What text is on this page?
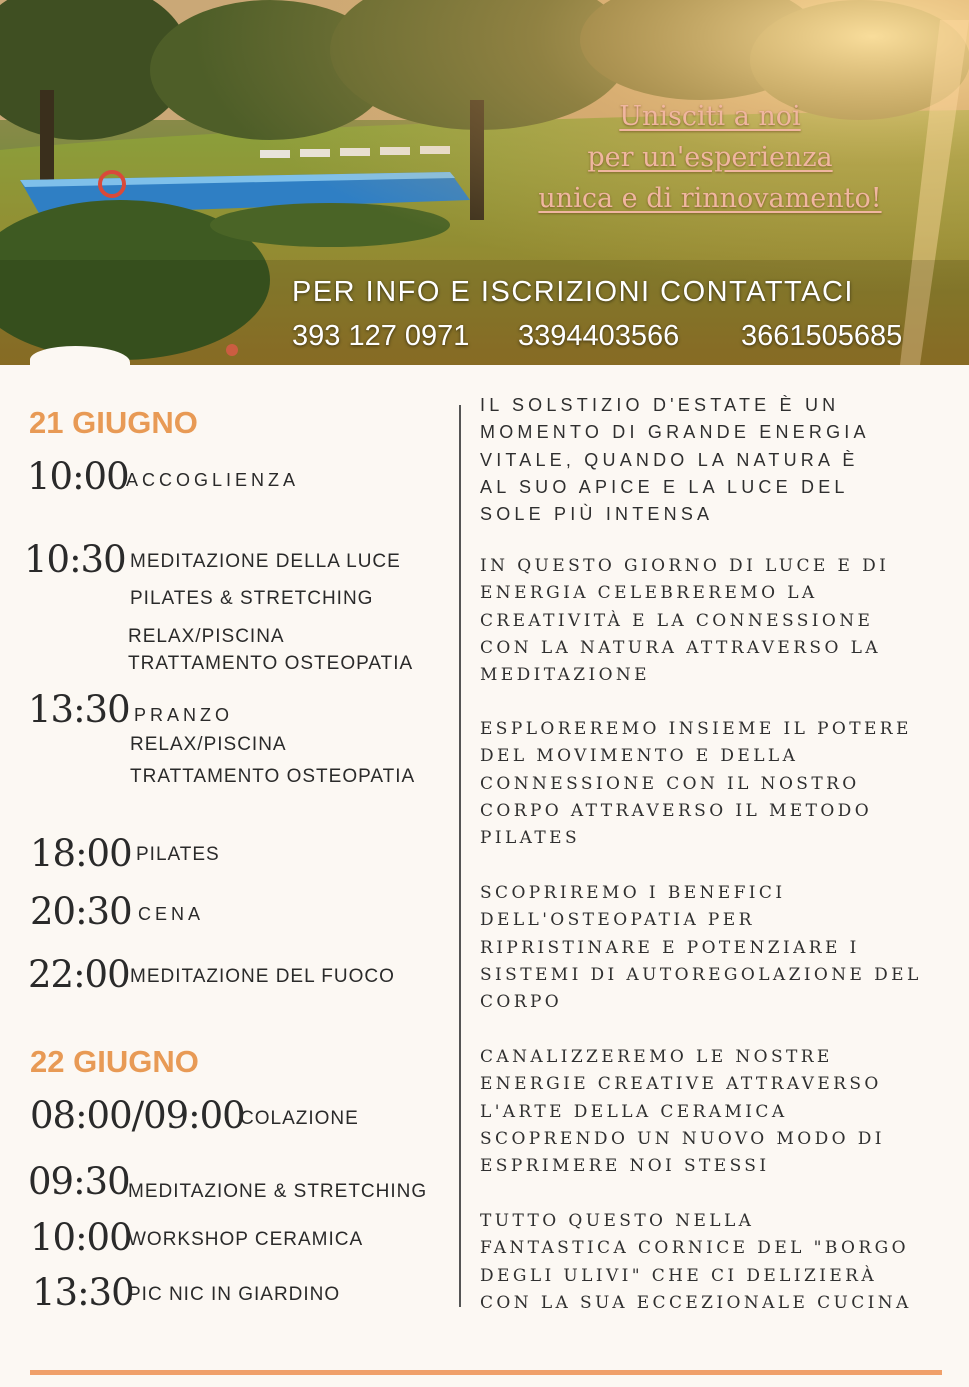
Unisciti a noi
per un'esperienza
unica e di rinnovamento!
PER INFO E ISCRIZIONI CONTATTACI
393 127 0971 3394403566 3661505685
21 GIUGNO
10:00
ACCOGLIENZA
10:30 MEDITAZIONE DELLA LUCE
PILATES & STRETCHING
RELAX/PISCINA
TRATTAMENTO OSTEOPATIA
13:30 PRANZO
RELAX/PISCINA
TRATTAMENTO OSTEOPATIA
18:00 PILATES
20:30 CENA
22:00 MEDITAZIONE DEL FUOCO
22 GIUGNO
08:00/09:00
COLAZIONE
09:30
MEDITAZIONE & STRETCHING
10:00
WORKSHOP CERAMICA
13:30
PIC NIC IN GIARDINO
IL SOLSTIZIO D'ESTATE È UN
MOMENTO DI GRANDE ENERGIA
VITALE, QUANDO LA NATURA È
AL SUO APICE E LA LUCE DEL
SOLE PIÙ INTENSA
IN QUESTO GIORNO DI LUCE E DI
ENERGIA CELEBREREMO LA
CREATIVITÀ E LA CONNESSIONE
CON LA NATURA ATTRAVERSO LA
MEDITAZIONE
ESPLOREREMO INSIEME IL POTERE
DEL MOVIMENTO E DELLA
CONNESSIONE CON IL NOSTRO
CORPO ATTRAVERSO IL METODO
PILATES
SCOPRIREMO I BENEFICI
DELL'OSTEOPATIA PER
RIPRISTINARE E POTENZIARE I
SISTEMI DI AUTOREGOLAZIONE DEL
CORPO
CANALIZZEREMO LE NOSTRE
ENERGIE CREATIVE ATTRAVERSO
L'ARTE DELLA CERAMICA
SCOPRENDO UN NUOVO MODO DI
ESPRIMERE NOI STESSI
TUTTO QUESTO NELLA
FANTASTICA CORNICE DEL "BORGO
DEGLI ULIVI" CHE CI DELIZIERÀ
CON LA SUA ECCEZIONALE CUCINA
